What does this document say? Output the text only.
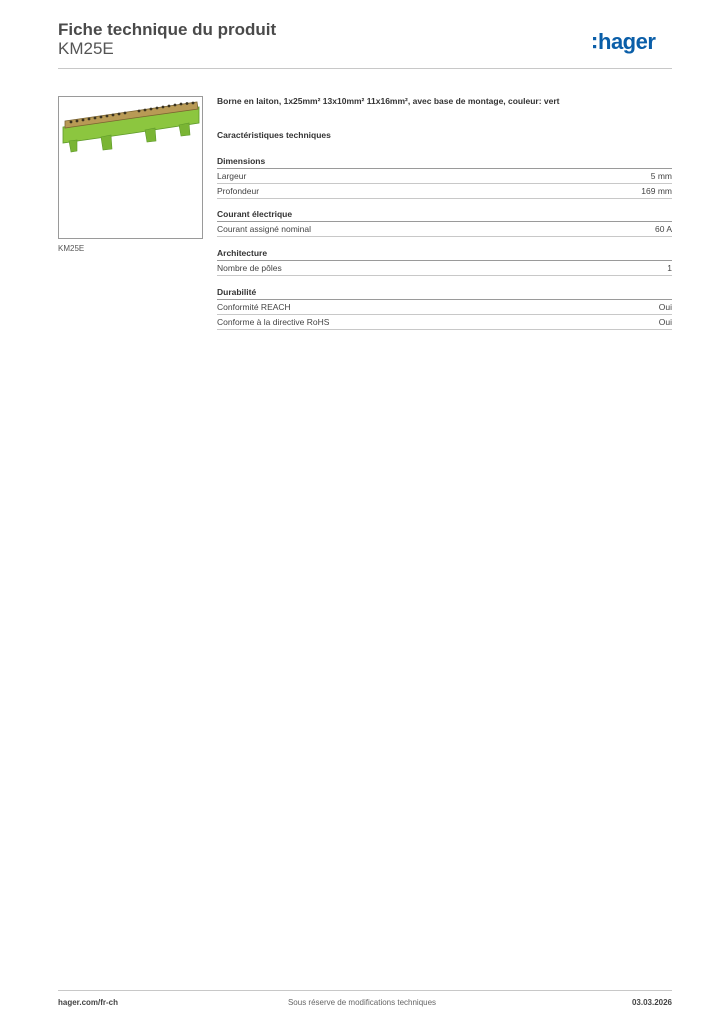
Fiche technique du produit
KM25E	hager
KM25E
Borne en laiton, 1x25mm² 13x10mm² 11x16mm², avec base de montage, couleur: vert
Caractéristiques techniques
Dimensions
Largeur	5 mm
Profondeur	169 mm
Courant électrique
Courant assigné nominal	60 A
Architecture
Nombre de pôles	1
Durabilité
Conformité REACH	Oui
Conforme à la directive RoHS	Oui
hager.com/fr-ch	Sous réserve de modifications techniques	03.03.2026
